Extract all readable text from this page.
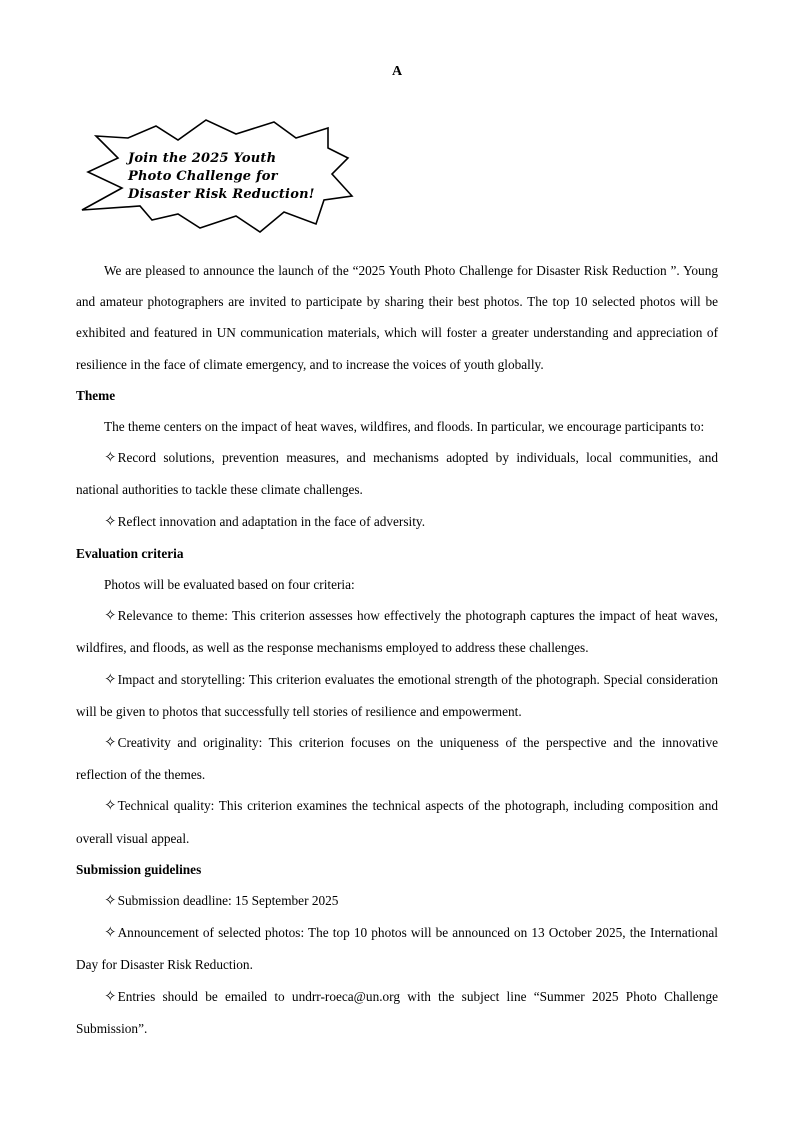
A
Join the 2025 Youth
Photo Challenge for
Disaster Risk Reduction!

We are pleased to announce the launch of the “2025 Youth Photo Challenge for Disaster Risk Reduction ”. Young and amateur photographers are invited to participate by sharing their best photos. The top 10 selected photos will be exhibited and featured in UN communication materials, which will foster a greater understanding and appreciation of resilience in the face of climate emergency, and to increase the voices of youth globally.

Theme

The theme centers on the impact of heat waves, wildfires, and floods. In particular, we encourage participants to:

✧Record solutions, prevention measures, and mechanisms adopted by individuals, local communities, and national authorities to tackle these climate challenges.

✧Reflect innovation and adaptation in the face of adversity.

Evaluation criteria

Photos will be evaluated based on four criteria:

✧Relevance to theme: This criterion assesses how effectively the photograph captures the impact of heat waves, wildfires, and floods, as well as the response mechanisms employed to address these challenges.

✧Impact and storytelling: This criterion evaluates the emotional strength of the photograph. Special consideration will be given to photos that successfully tell stories of resilience and empowerment.

✧Creativity and originality: This criterion focuses on the uniqueness of the perspective and the innovative reflection of the themes.

✧Technical quality: This criterion examines the technical aspects of the photograph, including composition and overall visual appeal.

Submission guidelines

✧Submission deadline: 15 September 2025

✧Announcement of selected photos: The top 10 photos will be announced on 13 October 2025, the International Day for Disaster Risk Reduction.

✧Entries should be emailed to undrr-roeca@un.org with the subject line “Summer 2025 Photo Challenge Submission”.
